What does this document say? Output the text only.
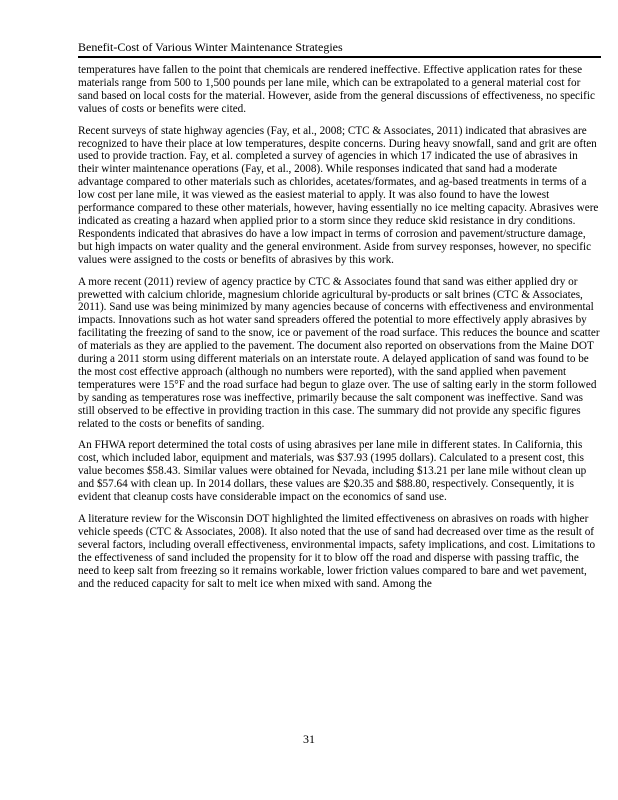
Benefit-Cost of Various Winter Maintenance Strategies

temperatures have fallen to the point that chemicals are rendered ineffective. Effective application rates for these materials range from 500 to 1,500 pounds per lane mile, which can be extrapolated to a general material cost for sand based on local costs for the material. However, aside from the general discussions of effectiveness, no specific values of costs or benefits were cited.

Recent surveys of state highway agencies (Fay, et al., 2008; CTC & Associates, 2011) indicated that abrasives are recognized to have their place at low temperatures, despite concerns. During heavy snowfall, sand and grit are often used to provide traction. Fay, et al. completed a survey of agencies in which 17 indicated the use of abrasives in their winter maintenance operations (Fay, et al., 2008). While responses indicated that sand had a moderate advantage compared to other materials such as chlorides, acetates/formates, and ag-based treatments in terms of a low cost per lane mile, it was viewed as the easiest material to apply. It was also found to have the lowest performance compared to these other materials, however, having essentially no ice melting capacity. Abrasives were indicated as creating a hazard when applied prior to a storm since they reduce skid resistance in dry conditions. Respondents indicated that abrasives do have a low impact in terms of corrosion and pavement/structure damage, but high impacts on water quality and the general environment. Aside from survey responses, however, no specific values were assigned to the costs or benefits of abrasives by this work.

A more recent (2011) review of agency practice by CTC & Associates found that sand was either applied dry or prewetted with calcium chloride, magnesium chloride agricultural by-products or salt brines (CTC & Associates, 2011). Sand use was being minimized by many agencies because of concerns with effectiveness and environmental impacts. Innovations such as hot water sand spreaders offered the potential to more effectively apply abrasives by facilitating the freezing of sand to the snow, ice or pavement of the road surface. This reduces the bounce and scatter of materials as they are applied to the pavement. The document also reported on observations from the Maine DOT during a 2011 storm using different materials on an interstate route. A delayed application of sand was found to be the most cost effective approach (although no numbers were reported), with the sand applied when pavement temperatures were 15°F and the road surface had begun to glaze over. The use of salting early in the storm followed by sanding as temperatures rose was ineffective, primarily because the salt component was ineffective. Sand was still observed to be effective in providing traction in this case. The summary did not provide any specific figures related to the costs or benefits of sanding.

An FHWA report determined the total costs of using abrasives per lane mile in different states. In California, this cost, which included labor, equipment and materials, was $37.93 (1995 dollars). Calculated to a present cost, this value becomes $58.43. Similar values were obtained for Nevada, including $13.21 per lane mile without clean up and $57.64 with clean up. In 2014 dollars, these values are $20.35 and $88.80, respectively. Consequently, it is evident that cleanup costs have considerable impact on the economics of sand use.

A literature review for the Wisconsin DOT highlighted the limited effectiveness on abrasives on roads with higher vehicle speeds (CTC & Associates, 2008). It also noted that the use of sand had decreased over time as the result of several factors, including overall effectiveness, environmental impacts, safety implications, and cost. Limitations to the effectiveness of sand included the propensity for it to blow off the road and disperse with passing traffic, the need to keep salt from freezing so it remains workable, lower friction values compared to bare and wet pavement, and the reduced capacity for salt to melt ice when mixed with sand. Among the

31
